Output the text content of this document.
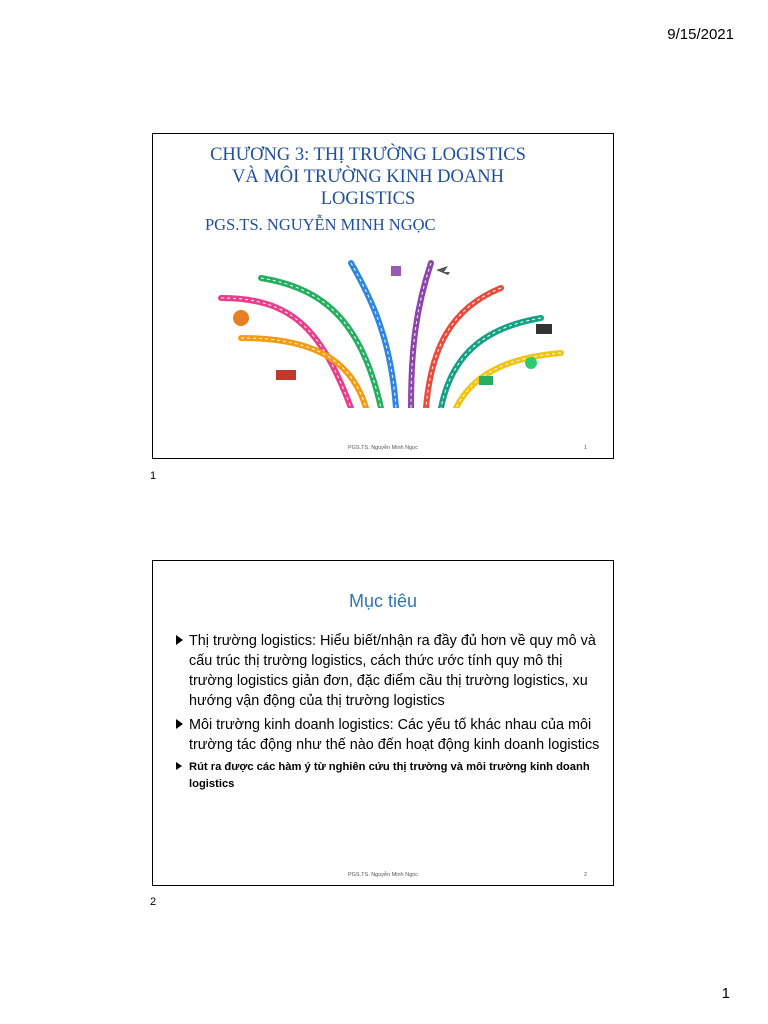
9/15/2021
CHƯƠNG 3: THỊ TRƯỜNG LOGISTICS
VÀ MÔI TRƯỜNG KINH DOANH
LOGISTICS
PGS.TS. NGUYỄN MINH NGỌC
PGS.TS. Nguyễn Minh Ngọc	1
1
Mục tiêu
Thị trường logistics: Hiểu biết/nhận ra đầy đủ hơn về quy mô và cấu trúc thị trường logistics, cách thức ước tính quy mô thị trường logistics giản đơn, đặc điểm cầu thị trường logistics, xu hướng vận động của thị trường logistics
Môi trường kinh doanh logistics: Các yếu tố khác nhau của môi trường tác động như thế nào đến hoạt động kinh doanh logistics
Rút ra được các hàm ý từ nghiên cứu thị trường và môi trường kinh doanh logistics
PGS.TS. Nguyễn Minh Ngọc	2
2
1
